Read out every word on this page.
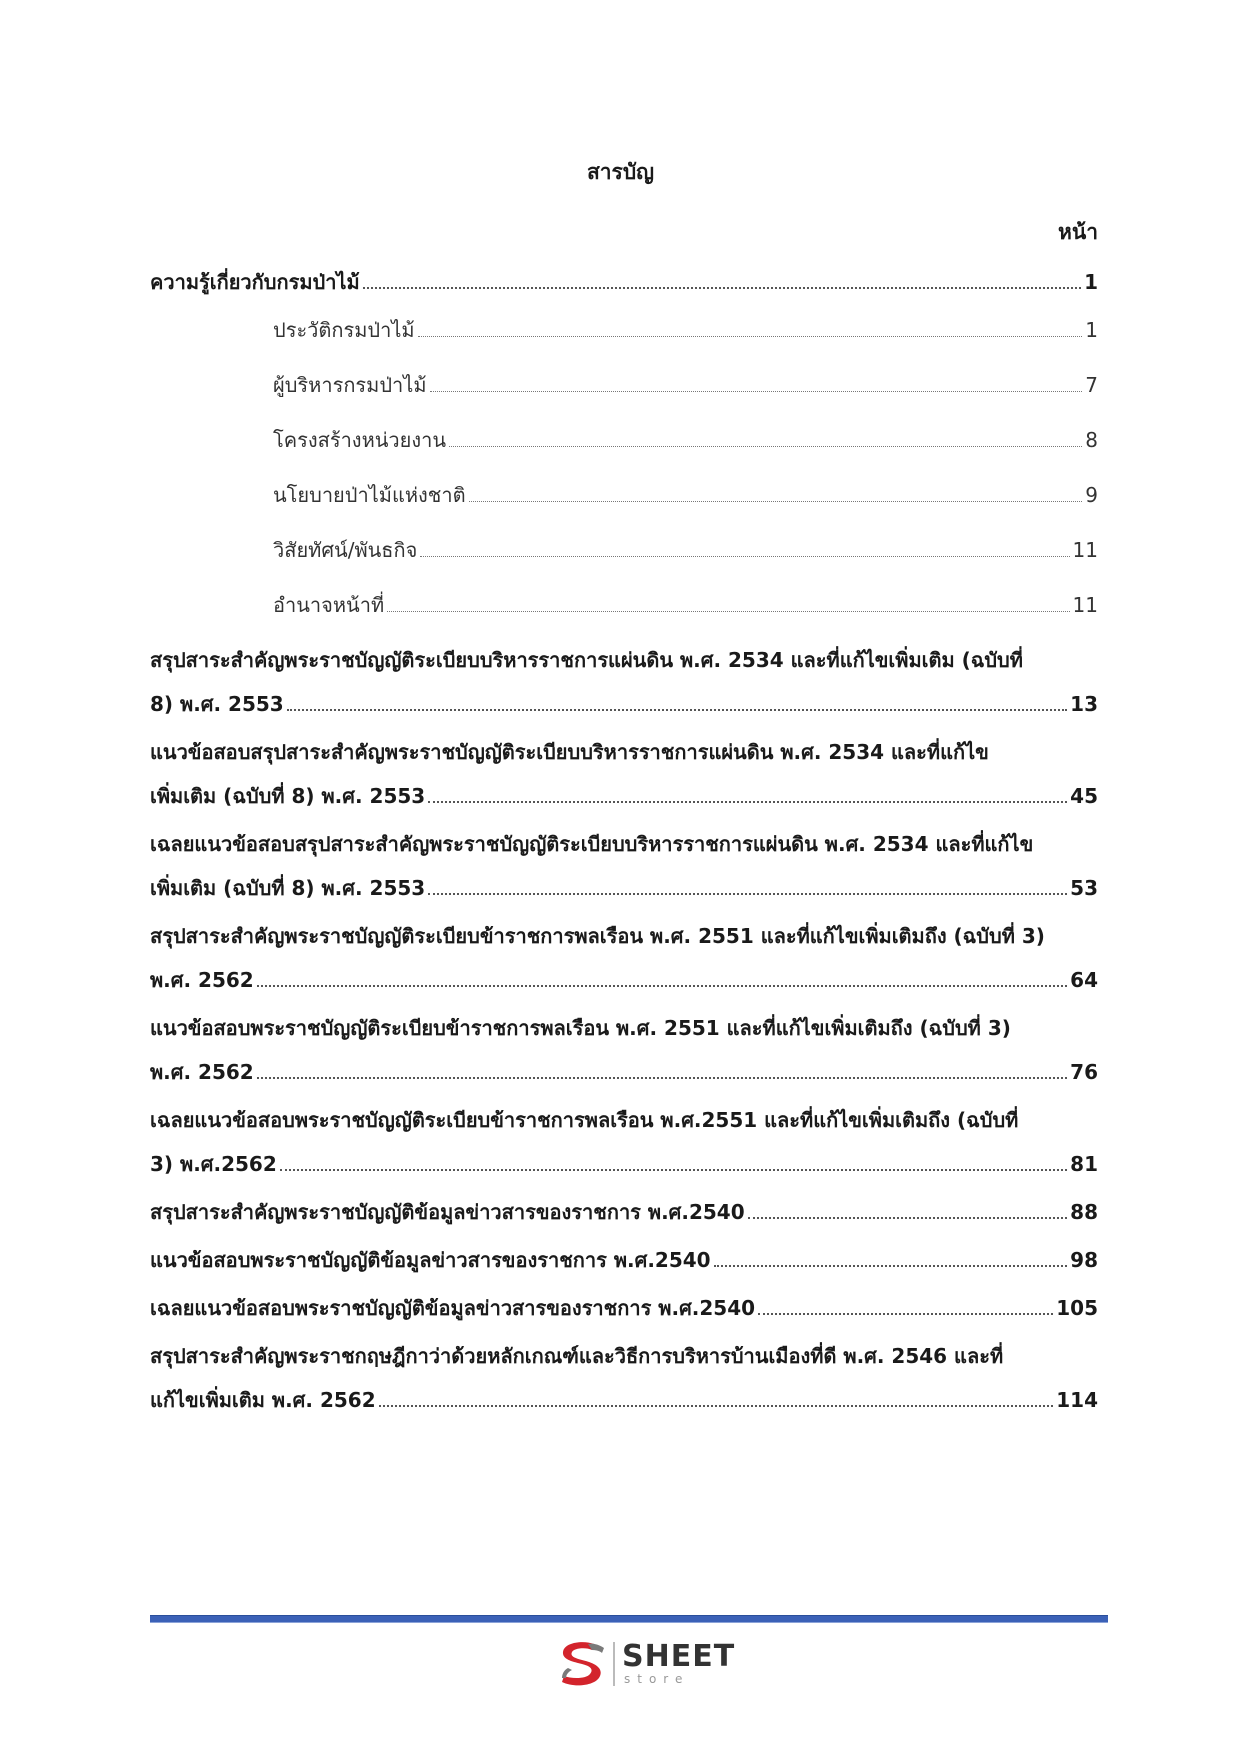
สารบัญ
หน้า
ความรู้เกี่ยวกับกรมป่าไม้	1
ประวัติกรมป่าไม้	1
ผู้บริหารกรมป่าไม้	7
โครงสร้างหน่วยงาน	8
นโยบายป่าไม้แห่งชาติ	9
วิสัยทัศน์/พันธกิจ	11
อำนาจหน้าที่	11
สรุปสาระสำคัญพระราชบัญญัติระเบียบบริหารราชการแผ่นดิน พ.ศ. 2534 และที่แก้ไขเพิ่มเติม (ฉบับที่
8) พ.ศ. 2553	13
แนวข้อสอบสรุปสาระสำคัญพระราชบัญญัติระเบียบบริหารราชการแผ่นดิน พ.ศ. 2534 และที่แก้ไข
เพิ่มเติม (ฉบับที่ 8) พ.ศ. 2553	45
เฉลยแนวข้อสอบสรุปสาระสำคัญพระราชบัญญัติระเบียบบริหารราชการแผ่นดิน พ.ศ. 2534 และที่แก้ไข
เพิ่มเติม (ฉบับที่ 8) พ.ศ. 2553	53
สรุปสาระสำคัญพระราชบัญญัติระเบียบข้าราชการพลเรือน พ.ศ. 2551 และที่แก้ไขเพิ่มเติมถึง (ฉบับที่ 3)
พ.ศ. 2562	64
แนวข้อสอบพระราชบัญญัติระเบียบข้าราชการพลเรือน พ.ศ. 2551 และที่แก้ไขเพิ่มเติมถึง (ฉบับที่ 3)
พ.ศ. 2562	76
เฉลยแนวข้อสอบพระราชบัญญัติระเบียบข้าราชการพลเรือน พ.ศ.2551 และที่แก้ไขเพิ่มเติมถึง (ฉบับที่
3) พ.ศ.2562	81
สรุปสาระสำคัญพระราชบัญญัติข้อมูลข่าวสารของราชการ พ.ศ.2540	88
แนวข้อสอบพระราชบัญญัติข้อมูลข่าวสารของราชการ พ.ศ.2540	98
เฉลยแนวข้อสอบพระราชบัญญัติข้อมูลข่าวสารของราชการ พ.ศ.2540	105
สรุปสาระสำคัญพระราชกฤษฎีกาว่าด้วยหลักเกณฑ์และวิธีการบริหารบ้านเมืองที่ดี พ.ศ. 2546 และที่
แก้ไขเพิ่มเติม พ.ศ. 2562	114
SHEET
store
